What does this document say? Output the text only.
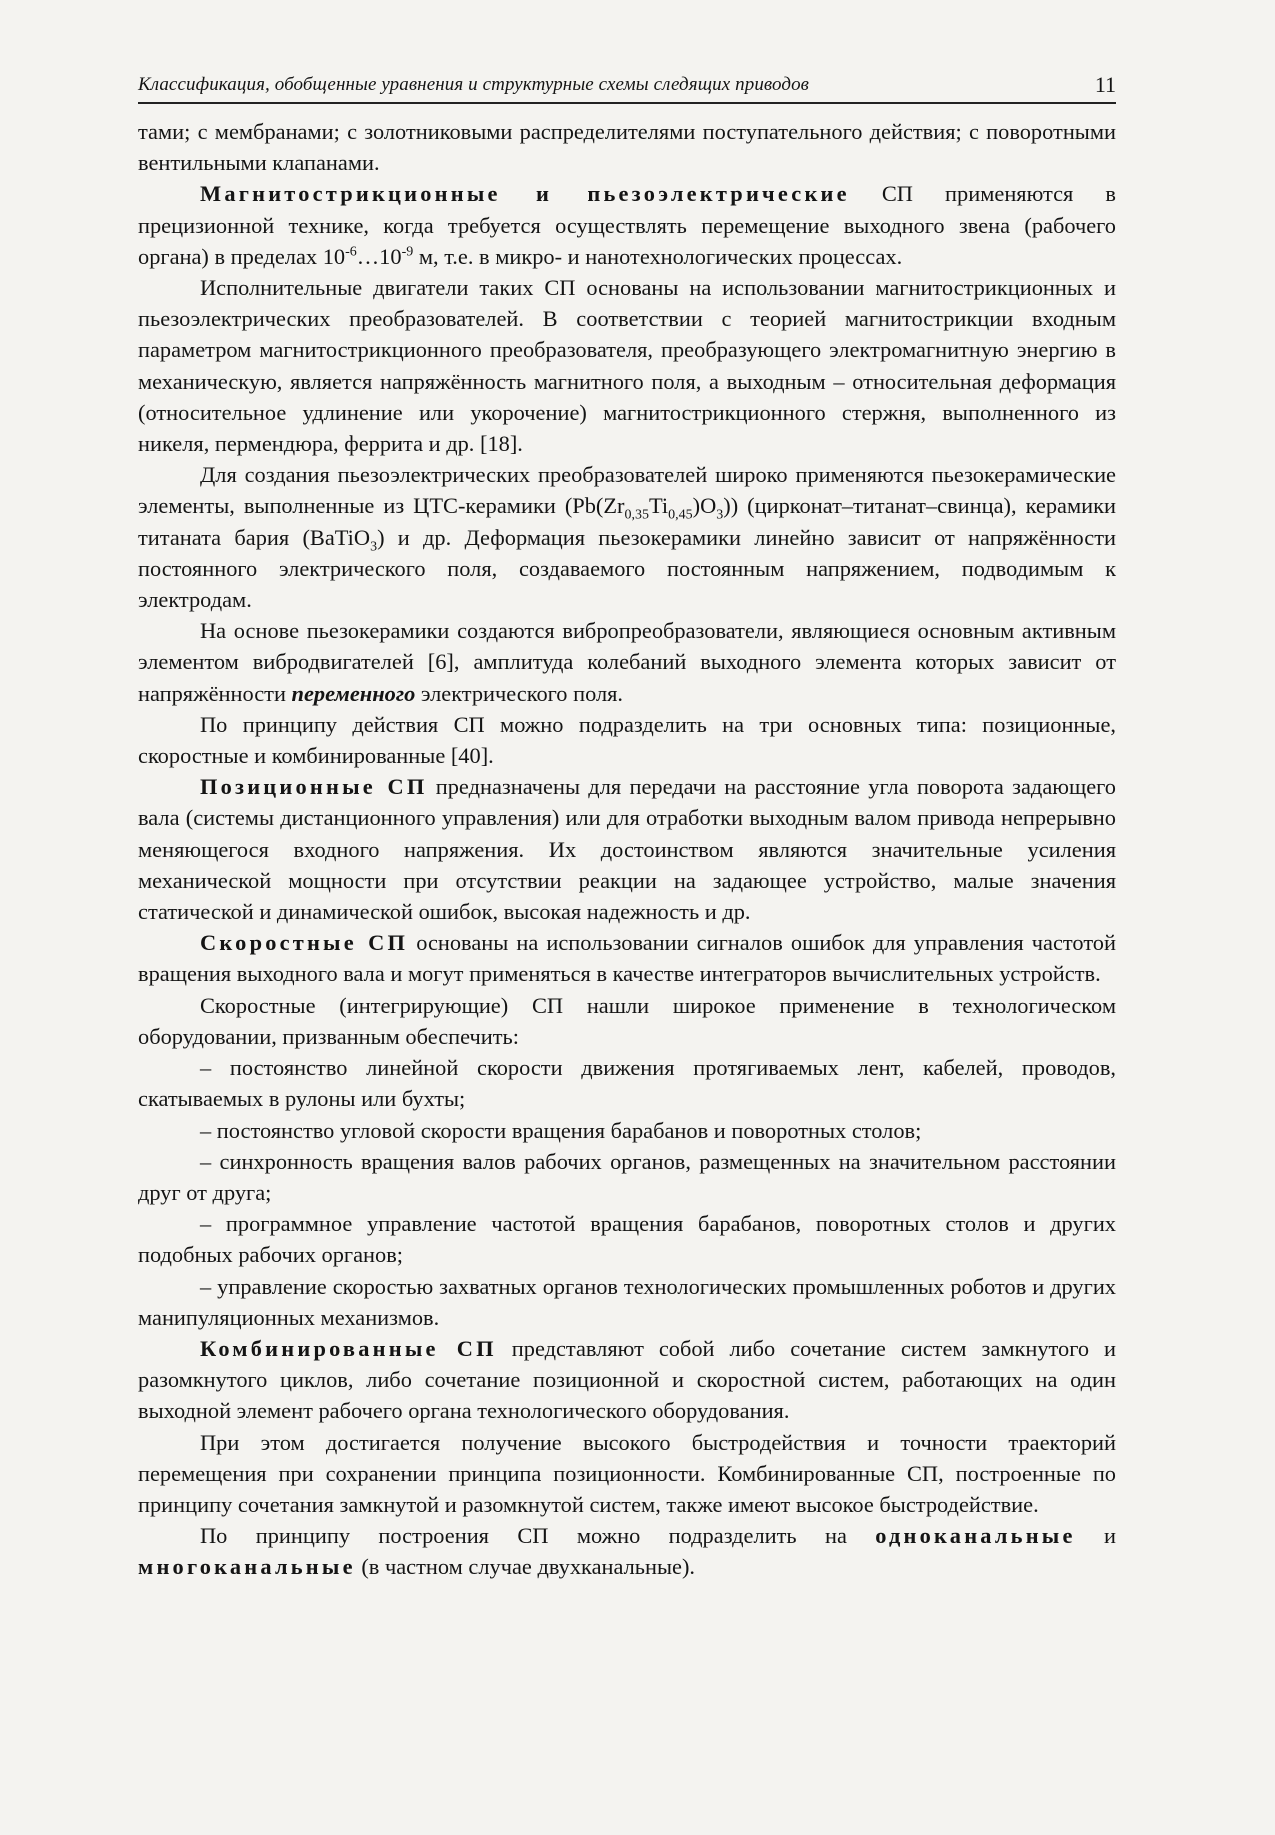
Классификация, обобщенные уравнения и структурные схемы следящих приводов	11

тами; с мембранами; с золотниковыми распределителями поступательного действия; с поворотными вентильными клапанами.

Магнитострикционные и пьезоэлектрические СП применяются в прецизионной технике, когда требуется осуществлять перемещение выходного звена (рабочего органа) в пределах $10^{-6}\dots 10^{-9}$ м, т.е. в микро- и нанотехнологических процессах.

Исполнительные двигатели таких СП основаны на использовании магнитострикционных и пьезоэлектрических преобразователей. В соответствии с теорией магнитострикции входным параметром магнитострикционного преобразователя, преобразующего электромагнитную энергию в механическую, является напряжённость магнитного поля, а выходным – относительная деформация (относительное удлинение или укорочение) магнитострикционного стержня, выполненного из никеля, пермендюра, феррита и др. [18].

Для создания пьезоэлектрических преобразователей широко применяются пьезокерамические элементы, выполненные из ЦТС-керамики $(Pb(Zr_{0,35}Ti_{0,45})O_3)$) (цирконат–титанат–свинца), керамики титаната бария (BaTiO$_3$) и др. Деформация пьезокерамики линейно зависит от напряжённости постоянного электрического поля, создаваемого постоянным напряжением, подводимым к электродам.

На основе пьезокерамики создаются вибропреобразователи, являющиеся основным активным элементом вибродвигателей [6], амплитуда колебаний выходного элемента которых зависит от напряжённости переменного электрического поля.

По принципу действия СП можно подразделить на три основных типа: позиционные, скоростные и комбинированные [40].

Позиционные СП предназначены для передачи на расстояние угла поворота задающего вала (системы дистанционного управления) или для отработки выходным валом привода непрерывно меняющегося входного напряжения. Их достоинством являются значительные усиления механической мощности при отсутствии реакции на задающее устройство, малые значения статической и динамической ошибок, высокая надежность и др.

Скоростные СП основаны на использовании сигналов ошибок для управления частотой вращения выходного вала и могут применяться в качестве интеграторов вычислительных устройств.

Скоростные (интегрирующие) СП нашли широкое применение в технологическом оборудовании, призванным обеспечить:

– постоянство линейной скорости движения протягиваемых лент, кабелей, проводов, скатываемых в рулоны или бухты;

– постоянство угловой скорости вращения барабанов и поворотных столов;

– синхронность вращения валов рабочих органов, размещенных на значительном расстоянии друг от друга;

– программное управление частотой вращения барабанов, поворотных столов и других подобных рабочих органов;

– управление скоростью захватных органов технологических промышленных роботов и других манипуляционных механизмов.

Комбинированные СП представляют собой либо сочетание систем замкнутого и разомкнутого циклов, либо сочетание позиционной и скоростной систем, работающих на один выходной элемент рабочего органа технологического оборудования.

При этом достигается получение высокого быстродействия и точности траекторий перемещения при сохранении принципа позиционности. Комбинированные СП, построенные по принципу сочетания замкнутой и разомкнутой систем, также имеют высокое быстродействие.

По принципу построения СП можно подразделить на одноканальные и многоканальные (в частном случае двухканальные).
